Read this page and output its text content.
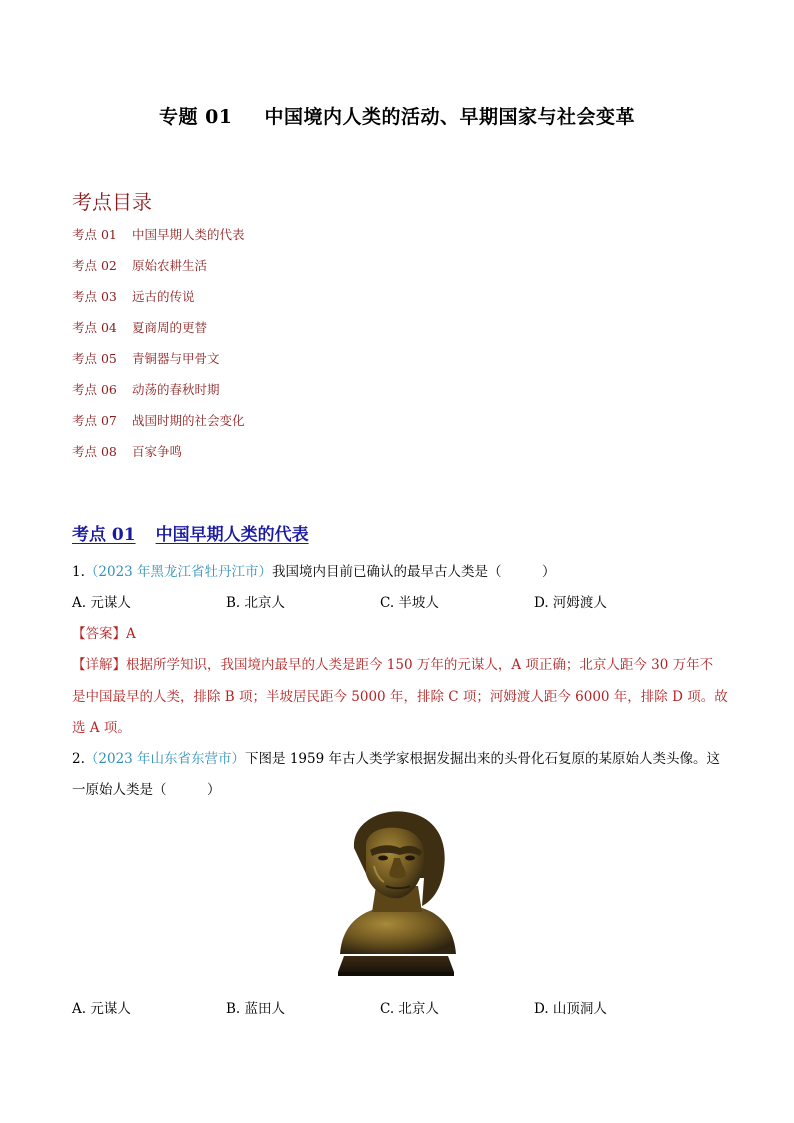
专题 01 中国境内人类的活动、早期国家与社会变革
考点目录
考点 01 中国早期人类的代表
考点 02 原始农耕生活
考点 03 远古的传说
考点 04 夏商周的更替
考点 05 青铜器与甲骨文
考点 06 动荡的春秋时期
考点 07 战国时期的社会变化
考点 08 百家争鸣
考点 01 中国早期人类的代表
1.（2023 年黑龙江省牡丹江市）我国境内目前已确认的最早古人类是（　　　）
A. 元谋人	B. 北京人	C. 半坡人	D. 河姆渡人
【答案】A
【详解】根据所学知识，我国境内最早的人类是距今 150 万年的元谋人，A 项正确；北京人距今 30 万年不
是中国最早的人类，排除 B 项；半坡居民距今 5000 年，排除 C 项；河姆渡人距今 6000 年，排除 D 项。故
选 A 项。
2.（2023 年山东省东营市）下图是 1959 年古人类学家根据发掘出来的头骨化石复原的某原始人类头像。这
一原始人类是（　　　）
A. 元谋人	B. 蓝田人	C. 北京人	D. 山顶洞人
